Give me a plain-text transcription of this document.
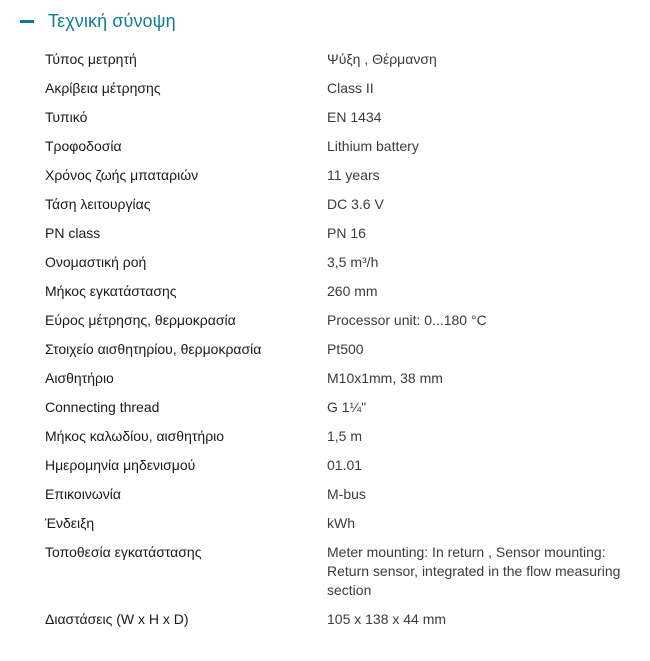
Τεχνική σύνοψη
Τύπος μετρητή	Ψύξη , Θέρμανση
Ακρίβεια μέτρησης	Class II
Τυπικό	EN 1434
Τροφοδοσία	Lithium battery
Χρόνος ζωής μπαταριών	11 years
Τάση λειτουργίας	DC 3.6 V
PN class	PN 16
Ονομαστική ροή	3,5 m³/h
Μήκος εγκατάστασης	260 mm
Εύρος μέτρησης, θερμοκρασία	Processor unit: 0...180 °C
Στοιχείο αισθητηρίου, θερμοκρασία	Pt500
Αισθητήριο	M10x1mm, 38 mm
Connecting thread	G 1¼"
Μήκος καλωδίου, αισθητήριο	1,5 m
Ημερομηνία μηδενισμού	01.01
Επικοινωνία	M-bus
Ένδειξη	kWh
Τοποθεσία εγκατάστασης	Meter mounting: In return , Sensor mounting: Return sensor, integrated in the flow measuring section
Διαστάσεις (W x H x D)	105 x 138 x 44 mm
